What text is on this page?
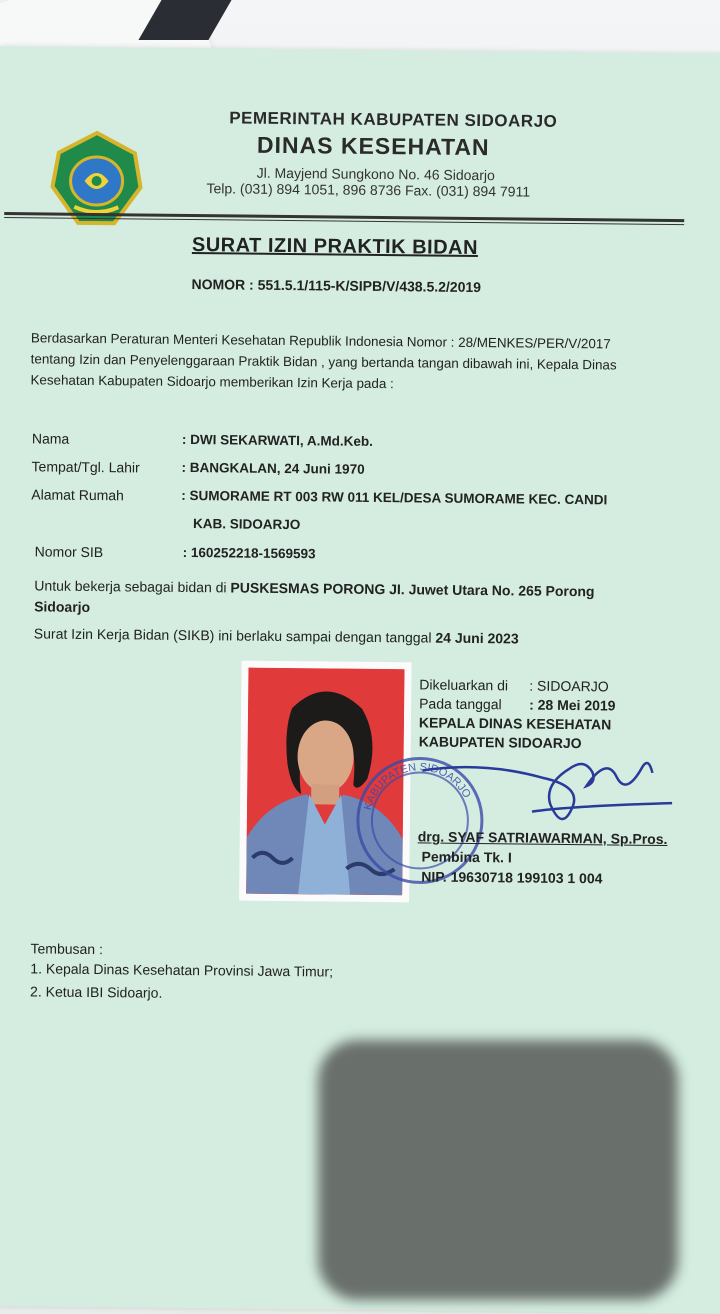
PEMERINTAH KABUPATEN SIDOARJO
DINAS KESEHATAN
Jl. Mayjend Sungkono No. 46 Sidoarjo
Telp. (031) 894 1051, 896 8736 Fax. (031) 894 7911
SURAT IZIN PRAKTIK BIDAN
NOMOR : 551.5.1/115-K/SIPB/V/438.5.2/2019
Berdasarkan Peraturan Menteri Kesehatan Republik Indonesia Nomor : 28/MENKES/PER/V/2017
tentang Izin dan Penyelenggaraan Praktik Bidan , yang bertanda tangan dibawah ini, Kepala Dinas
Kesehatan Kabupaten Sidoarjo memberikan Izin Kerja pada :
Nama	: DWI SEKARWATI, A.Md.Keb.
Tempat/Tgl. Lahir	: BANGKALAN, 24 Juni 1970
Alamat Rumah	: SUMORAME RT 003 RW 011 KEL/DESA SUMORAME KEC. CANDI
KAB. SIDOARJO
Nomor SIB	: 160252218-1569593
Untuk bekerja sebagai bidan di PUSKESMAS PORONG JI. Juwet Utara No. 265 Porong
Sidoarjo
Surat Izin Kerja Bidan (SIKB) ini berlaku sampai dengan tanggal 24 Juni 2023
Dikeluarkan di : SIDOARJO
Pada tanggal : 28 Mei 2019
KEPALA DINAS KESEHATAN
KABUPATEN SIDOARJO
KABUPATEN SIDOARJO
drg. SYAF SATRIAWARMAN, Sp.Pros.
Pembina Tk. I
NIP. 19630718 199103 1 004
Tembusan :
1. Kepala Dinas Kesehatan Provinsi Jawa Timur;
2. Ketua IBI Sidoarjo.
